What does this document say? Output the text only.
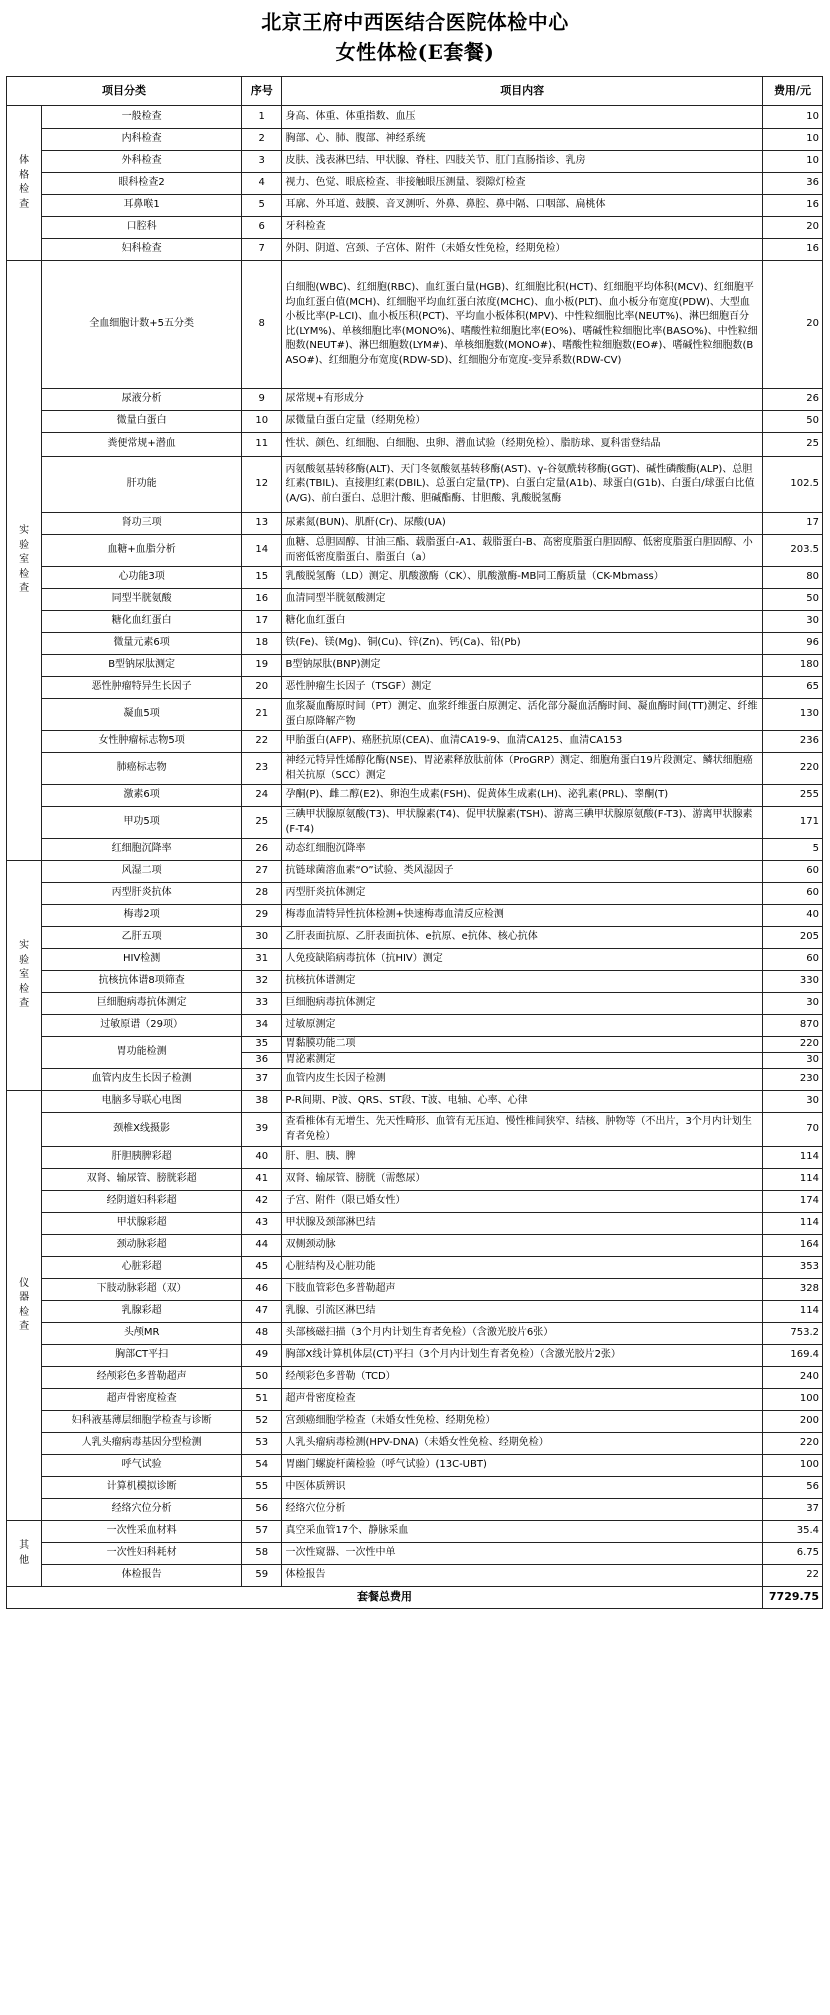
北京王府中西医结合医院体检中心
女性体检(E套餐)
项目分类		序号	项目内容	费用/元
体格检查	一般检查	1	身高、体重、体重指数、血压	10
	内科检查	2	胸部、心、肺、腹部、神经系统	10
	外科检查	3	皮肤、浅表淋巴结、甲状腺、脊柱、四肢关节、肛门直肠指诊、乳房	10
	眼科检查2	4	视力、色觉、眼底检查、非接触眼压测量、裂隙灯检查	36
	耳鼻喉1	5	耳廓、外耳道、鼓膜、音叉测听、外鼻、鼻腔、鼻中隔、口咽部、扁桃体	16
	口腔科	6	牙科检查	20
	妇科检查	7	外阴、阴道、宫颈、子宫体、附件（未婚女性免检，经期免检）	16
实验室检查	全血细胞计数+5五分类	8	白细胞(WBC)、红细胞(RBC)、血红蛋白量(HGB)、红细胞比积(HCT)、红细胞平均体积(MCV)、红细胞平均血红蛋白值(MCH)、红细胞平均血红蛋白浓度(MCHC)、血小板(PLT)、血小板分布宽度(PDW)、大型血小板比率(P-LCI)、血小板压积(PCT)、平均血小板体积(MPV)、中性粒细胞比率(NEUT%)、淋巴细胞百分比(LYM%)、单核细胞比率(MONO%)、嗜酸性粒细胞比率(EO%)、嗜碱性粒细胞比率(BASO%)、中性粒细胞数(NEUT#)、淋巴细胞数(LYM#)、单核细胞数(MONO#)、嗜酸性粒细胞数(EO#)、嗜碱性粒细胞数(BASO#)、红细胞分布宽度(RDW-SD)、红细胞分布宽度-变异系数(RDW-CV)	20
	尿液分析	9	尿常规+有形成分	26
	微量白蛋白	10	尿微量白蛋白定量（经期免检）	50
	粪便常规+潜血	11	性状、颜色、红细胞、白细胞、虫卵、潜血试验（经期免检）、脂肪球、夏科雷登结晶	25
	肝功能	12	丙氨酸氨基转移酶(ALT)、天门冬氨酸氨基转移酶(AST)、γ-谷氨酰转移酶(GGT)、碱性磷酸酶(ALP)、总胆红素(TBIL)、直接胆红素(DBIL)、总蛋白定量(TP)、白蛋白定量(A1b)、球蛋白(G1b)、白蛋白/球蛋白比值(A/G)、前白蛋白、总胆汁酸、胆碱酯酶、甘胆酸、乳酸脱氢酶	102.5
	肾功三项	13	尿素氮(BUN)、肌酐(Cr)、尿酸(UA)	17
	血糖+血脂分析	14	血糖、总胆固醇、甘油三酯、载脂蛋白-A1、载脂蛋白-B、高密度脂蛋白胆固醇、低密度脂蛋白胆固醇、小而密低密度脂蛋白、脂蛋白（a）	203.5
	心功能3项	15	乳酸脱氢酶（LD）测定、肌酸激酶（CK）、肌酸激酶-MB同工酶质量（CK-Mbmass）	80
	同型半胱氨酸	16	血清同型半胱氨酸测定	50
	糖化血红蛋白	17	糖化血红蛋白	30
	微量元素6项	18	铁(Fe)、镁(Mg)、铜(Cu)、锌(Zn)、钙(Ca)、铅(Pb)	96
	B型钠尿肽测定	19	B型钠尿肽(BNP)测定	180
	恶性肿瘤特异生长因子	20	恶性肿瘤生长因子（TSGF）测定	65
	凝血5项	21	血浆凝血酶原时间（PT）测定、血浆纤维蛋白原测定、活化部分凝血活酶时间、凝血酶时间(TT)测定、纤维蛋白原降解产物	130
	女性肿瘤标志物5项	22	甲胎蛋白(AFP)、癌胚抗原(CEA)、血清CA19-9、血清CA125、血清CA153	236
	肺癌标志物	23	神经元特异性烯醇化酶(NSE)、胃泌素释放肽前体（ProGRP）测定、细胞角蛋白19片段测定、鳞状细胞癌相关抗原（SCC）测定	220
	激素6项	24	孕酮(P)、雌二醇(E2)、卵泡生成素(FSH)、促黄体生成素(LH)、泌乳素(PRL)、睾酮(T)	255
	甲功5项	25	三碘甲状腺原氨酸(T3)、甲状腺素(T4)、促甲状腺素(TSH)、游离三碘甲状腺原氨酸(F-T3)、游离甲状腺素(F-T4)	171
	红细胞沉降率	26	动态红细胞沉降率	5
实验室检查	风湿二项	27	抗链球菌溶血素“O”试验、类风湿因子	60
	丙型肝炎抗体	28	丙型肝炎抗体测定	60
	梅毒2项	29	梅毒血清特异性抗体检测+快速梅毒血清反应检测	40
	乙肝五项	30	乙肝表面抗原、乙肝表面抗体、e抗原、e抗体、核心抗体	205
	HIV检测	31	人免疫缺陷病毒抗体（抗HIV）测定	60
	抗核抗体谱8项筛查	32	抗核抗体谱测定	330
	巨细胞病毒抗体测定	33	巨细胞病毒抗体测定	30
	过敏原谱（29项）	34	过敏原测定	870
	胃功能检测	35	胃黏膜功能二项	220
		36	胃泌素测定	30
	血管内皮生长因子检测	37	血管内皮生长因子检测	230
仪器检查	电脑多导联心电图	38	P-R间期、P波、QRS、ST段、T波、电轴、心率、心律	30
	颈椎X线摄影	39	查看椎体有无增生、先天性畸形、血管有无压迫、慢性椎间狭窄、结核、肿物等（不出片，3个月内计划生育者免检）	70
	肝胆胰脾彩超	40	肝、胆、胰、脾	114
	双肾、输尿管、膀胱彩超	41	双肾、输尿管、膀胱（需憋尿）	114
	经阴道妇科彩超	42	子宫、附件（限已婚女性）	174
	甲状腺彩超	43	甲状腺及颈部淋巴结	114
	颈动脉彩超	44	双侧颈动脉	164
	心脏彩超	45	心脏结构及心脏功能	353
	下肢动脉彩超（双）	46	下肢血管彩色多普勒超声	328
	乳腺彩超	47	乳腺、引流区淋巴结	114
	头颅MR	48	头部核磁扫描（3个月内计划生育者免检）（含激光胶片6张）	753.2
	胸部CT平扫	49	胸部X线计算机体层(CT)平扫（3个月内计划生育者免检）（含激光胶片2张）	169.4
	经颅彩色多普勒超声	50	经颅彩色多普勒（TCD）	240
	超声骨密度检查	51	超声骨密度检查	100
	妇科液基薄层细胞学检查与诊断	52	宫颈癌细胞学检查（未婚女性免检、经期免检）	200
	人乳头瘤病毒基因分型检测	53	人乳头瘤病毒检测(HPV-DNA)（未婚女性免检、经期免检）	220
	呼气试验	54	胃幽门螺旋杆菌检验（呼气试验）(13C-UBT)	100
	计算机模拟诊断	55	中医体质辨识	56
	经络穴位分析	56	经络穴位分析	37
其他	一次性采血材料	57	真空采血管17个、静脉采血	35.4
	一次性妇科耗材	58	一次性窥器、一次性中单	6.75
	体检报告	59	体检报告	22
套餐总费用				7729.75
